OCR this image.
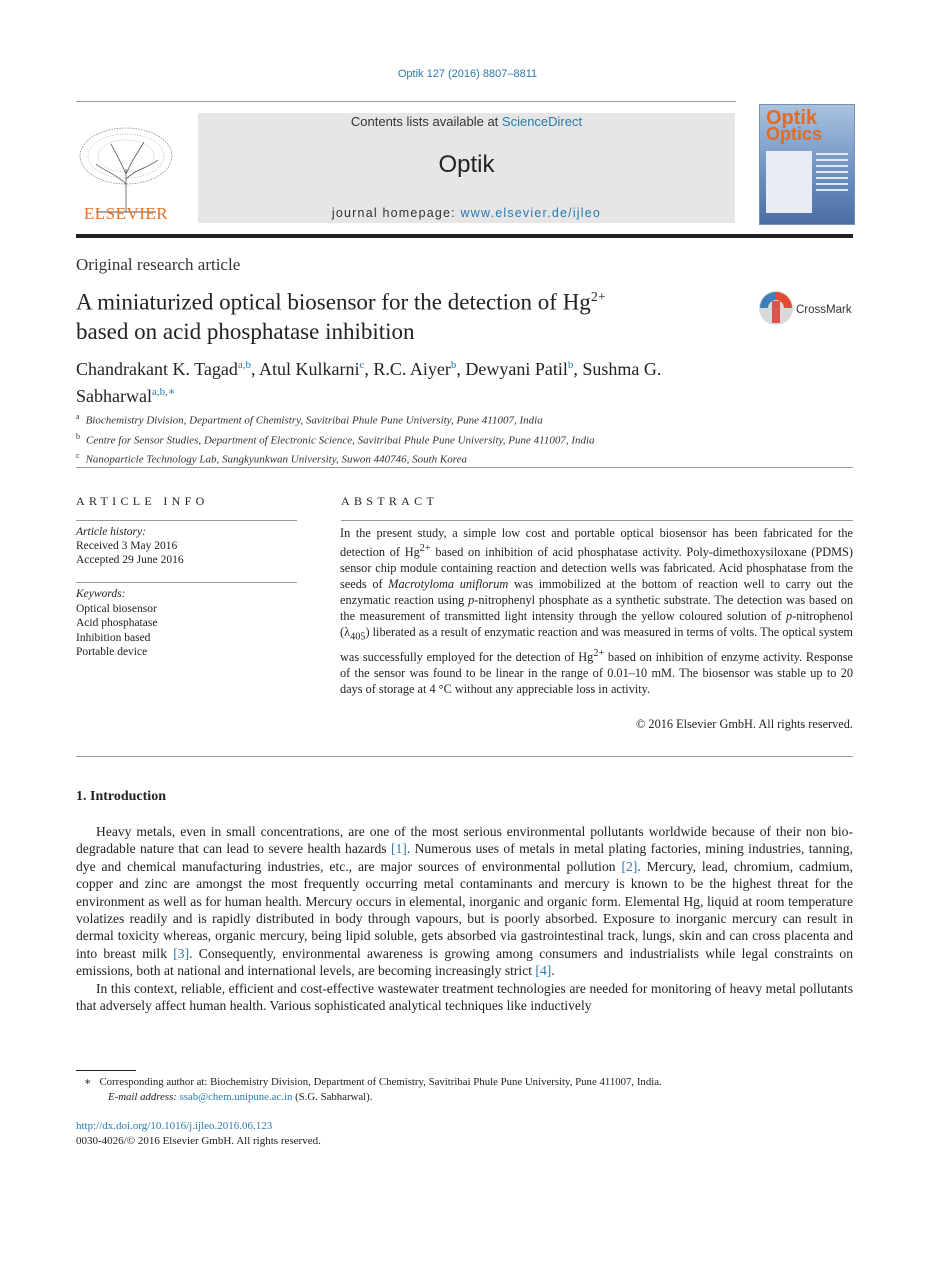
Optik 127 (2016) 8807–8811
ELSEVIER
Contents lists available at ScienceDirect
Optik
journal homepage: www.elsevier.de/ijleo
Optik
Optics
Original research article
A miniaturized optical biosensor for the detection of $Hg^{2+}$
based on acid phosphatase inhibition
CrossMark
Chandrakant K. Tagad$^{a,b}$, Atul Kulkarni$^c$, R.C. Aiyer$^b$, Dewyani Patil$^b$, Sushma G. Sabharwal$^{a,b,∗}$
$^a$ Biochemistry Division, Department of Chemistry, Savitribai Phule Pune University, Pune 411007, India
$^b$ Centre for Sensor Studies, Department of Electronic Science, Savitribai Phule Pune University, Pune 411007, India
$^c$ Nanoparticle Technology Lab, Sungkyunkwan University, Suwon 440746, South Korea
ARTICLE INFO	ABSTRACT
Article history:
Received 3 May 2016
Accepted 29 June 2016
Keywords:
Optical biosensor
Acid phosphatase
Inhibition based
Portable device
In the present study, a simple low cost and portable optical biosensor has been fabricated for the detection of $Hg^{2+}$ based on inhibition of acid phosphatase activity. Poly-dimethoxysiloxane (PDMS) sensor chip module containing reaction and detection wells was fabricated. Acid phosphatase from the seeds of Macrotyloma uniflorum was immobilized at the bottom of reaction well to carry out the enzymatic reaction using p-nitrophenyl phosphate as a synthetic substrate. The detection was based on the measurement of transmitted light intensity through the yellow coloured solution of p-nitrophenol $(\lambda_{405})$ liberated as a result of enzymatic reaction and was measured in terms of volts. The optical system was successfully employed for the detection of $Hg^{2+}$ based on inhibition of enzyme activity. Response of the sensor was found to be linear in the range of 0.01–10 mM. The biosensor was stable up to 20 days of storage at 4 °C without any appreciable loss in activity.
© 2016 Elsevier GmbH. All rights reserved.
1. Introduction

Heavy metals, even in small concentrations, are one of the most serious environmental pollutants worldwide because of their non bio-degradable nature that can lead to severe health hazards [1]. Numerous uses of metals in metal plating factories, mining industries, tanning, dye and chemical manufacturing industries, etc., are major sources of environmental pollution [2]. Mercury, lead, chromium, cadmium, copper and zinc are amongst the most frequently occurring metal contaminants and mercury is known to be the highest threat for the environment as well as for human health. Mercury occurs in elemental, inorganic and organic form. Elemental Hg, liquid at room temperature volatizes readily and is rapidly distributed in body through vapours, but is poorly absorbed. Exposure to inorganic mercury can result in dermal toxicity whereas, organic mercury, being lipid soluble, gets absorbed via gastrointestinal track, lungs, skin and can cross placenta and into breast milk [3]. Consequently, environmental awareness is growing among consumers and industrialists while legal constraints on emissions, both at national and international levels, are becoming increasingly strict [4].

In this context, reliable, efficient and cost-effective wastewater treatment technologies are needed for monitoring of heavy metal pollutants that adversely affect human health. Various sophisticated analytical techniques like inductively

∗ Corresponding author at: Biochemistry Division, Department of Chemistry, Savitribai Phule Pune University, Pune 411007, India.
E-mail address: ssab@chem.unipune.ac.in (S.G. Sabharwal).
http://dx.doi.org/10.1016/j.ijleo.2016.06.123
0030-4026/© 2016 Elsevier GmbH. All rights reserved.
